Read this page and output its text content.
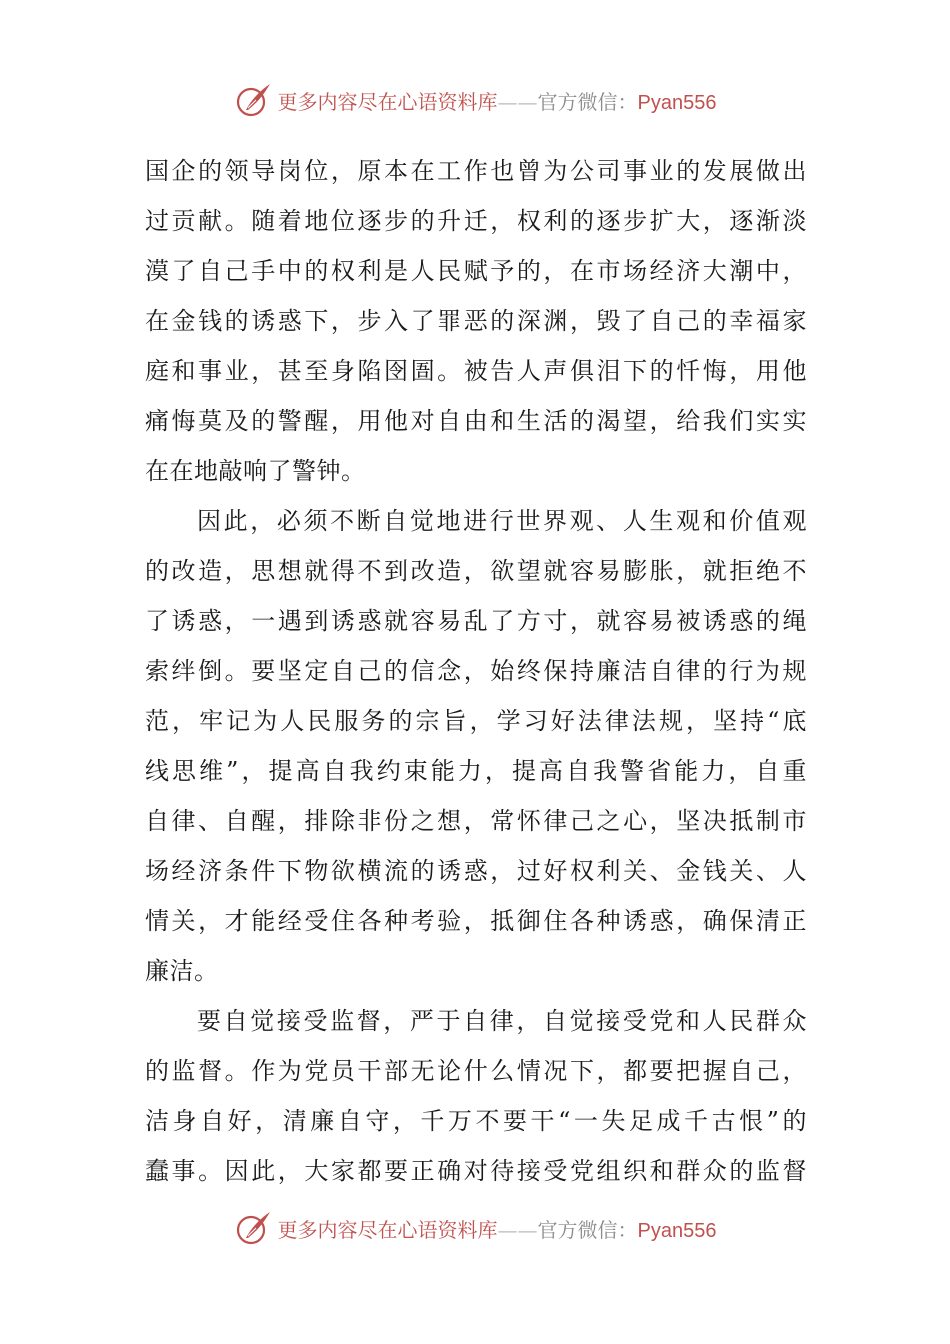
更多内容尽在心语资料库——官方微信：Pyan556
国企的领导岗位，原本在工作也曾为公司事业的发展做出
过贡献。随着地位逐步的升迁，权利的逐步扩大，逐渐淡
漠了自己手中的权利是人民赋予的，在市场经济大潮中，
在金钱的诱惑下，步入了罪恶的深渊，毁了自己的幸福家
庭和事业，甚至身陷囹圄。被告人声俱泪下的忏悔，用他
痛悔莫及的警醒，用他对自由和生活的渴望，给我们实实
在在地敲响了警钟。
因此，必须不断自觉地进行世界观、人生观和价值观
的改造，思想就得不到改造，欲望就容易膨胀，就拒绝不
了诱惑，一遇到诱惑就容易乱了方寸，就容易被诱惑的绳
索绊倒。要坚定自己的信念，始终保持廉洁自律的行为规
范，牢记为人民服务的宗旨，学习好法律法规，坚持“底
线思维”，提高自我约束能力，提高自我警省能力，自重
自律、自醒，排除非份之想，常怀律己之心，坚决抵制市
场经济条件下物欲横流的诱惑，过好权利关、金钱关、人
情关，才能经受住各种考验，抵御住各种诱惑，确保清正
廉洁。
要自觉接受监督，严于自律，自觉接受党和人民群众
的监督。作为党员干部无论什么情况下，都要把握自己，
洁身自好，清廉自守，千万不要干“一失足成千古恨”的
蠢事。因此，大家都要正确对待接受党组织和群众的监督
更多内容尽在心语资料库——官方微信：Pyan556
